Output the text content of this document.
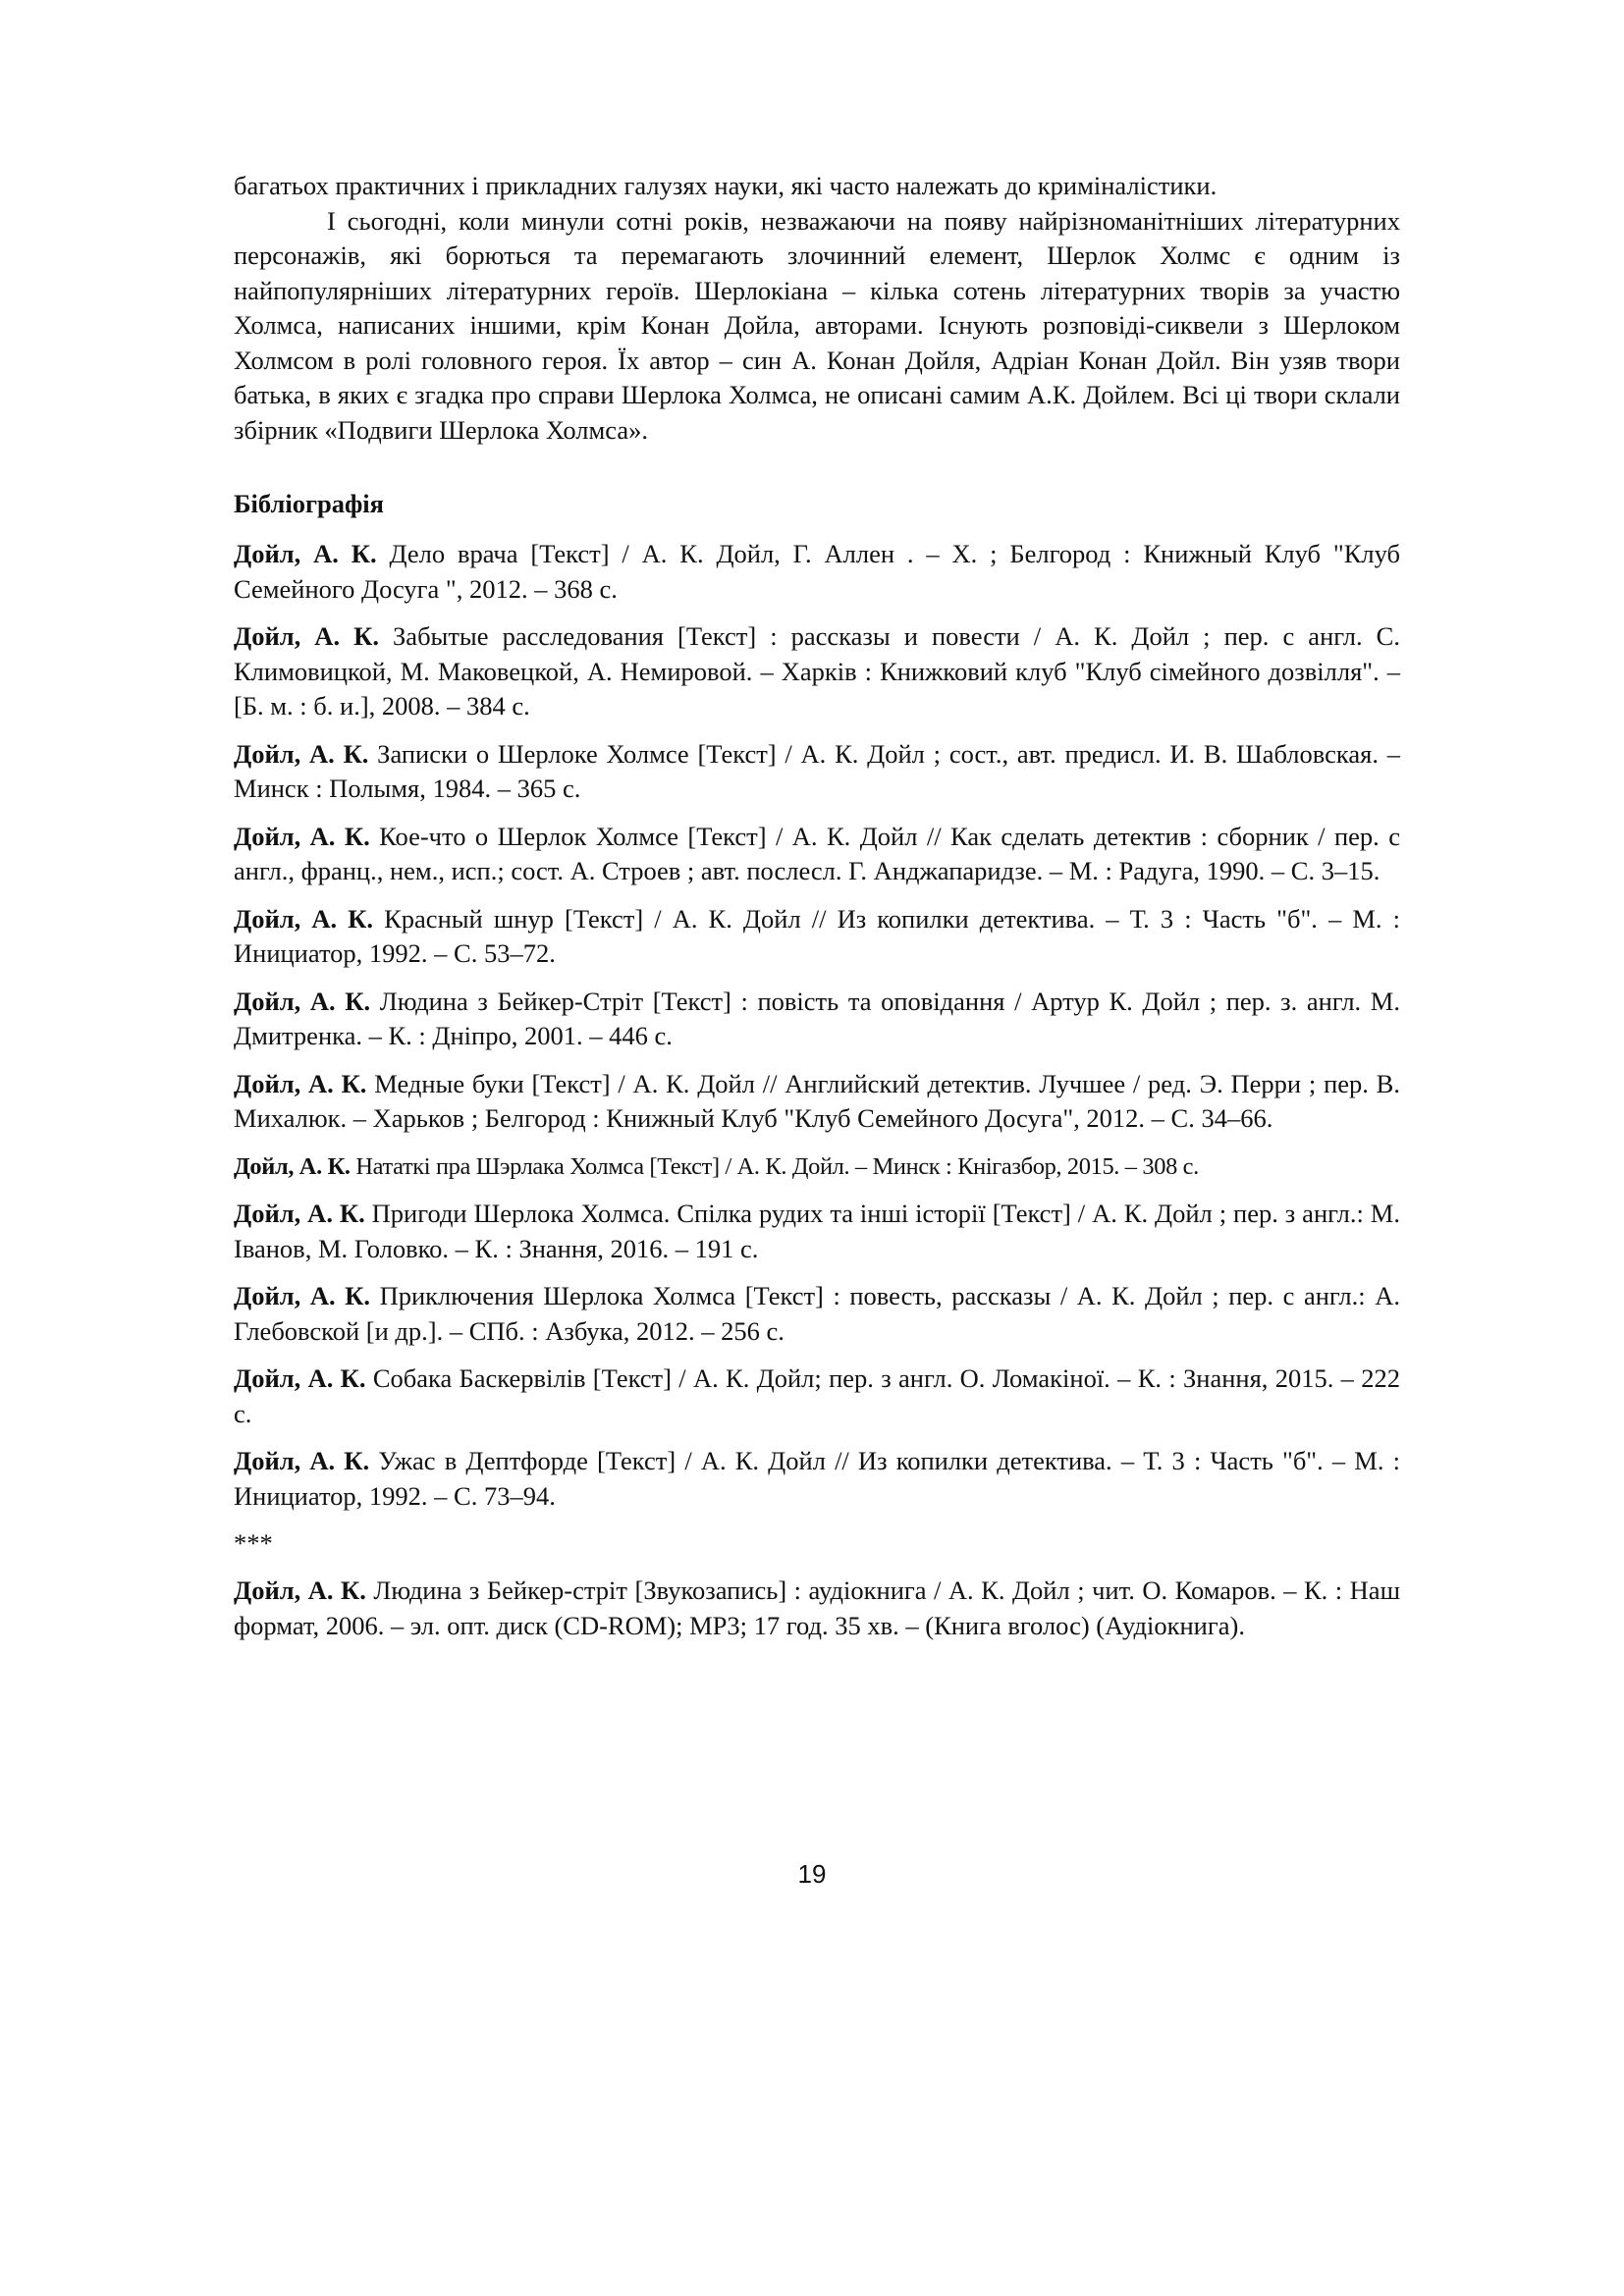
багатьох практичних і прикладних галузях науки, які часто належать до криміналістики.

І сьогодні, коли минули сотні років, незважаючи на появу найрізноманітніших літературних персонажів, які борються та перемагають злочинний елемент, Шерлок Холмс є одним із найпопулярніших літературних героїв. Шерлокіана – кілька сотень літературних творів за участю Холмса, написаних іншими, крім Конан Дойла, авторами. Існують розповіді-сиквели з Шерлоком Холмсом в ролі головного героя. Їх автор – син А. Конан Дойля, Адріан Конан Дойл. Він узяв твори батька, в яких є згадка про справи Шерлока Холмса, не описані самим А.К. Дойлем. Всі ці твори склали збірник «Подвиги Шерлока Холмса».

Бібліографія

Дойл, А. К. Дело врача [Текст] / А. К. Дойл, Г. Аллен . – Х. ; Белгород : Книжный Клуб "Клуб Семейного Досуга ", 2012. – 368 с.

Дойл, А. К. Забытые расследования [Текст] : рассказы и повести / А. К. Дойл ; пер. с англ. С. Климовицкой, М. Маковецкой, А. Немировой. – Харків : Книжковий клуб "Клуб сімейного дозвілля". – [Б. м. : б. и.], 2008. – 384 с.

Дойл, А. К. Записки о Шерлоке Холмсе [Текст] / А. К. Дойл ; сост., авт. предисл. И. В. Шабловская. – Минск : Полымя, 1984. – 365 с.

Дойл, А. К. Кое-что о Шерлок Холмсе [Текст] / А. К. Дойл // Как сделать детектив : сборник / пер. с англ., франц., нем., исп.; сост. А. Строев ; авт. послесл. Г. Анджапаридзе. – М. : Радуга, 1990. – С. 3–15.

Дойл, А. К. Красный шнур [Текст] / А. К. Дойл // Из копилки детектива. – Т. 3 : Часть "б". – М. : Инициатор, 1992. – С. 53–72.

Дойл, А. К. Людина з Бейкер-Стріт [Текст] : повість та оповідання / Артур К. Дойл ; пер. з. англ. М. Дмитренка. – К. : Дніпро, 2001. – 446 с.

Дойл, А. К. Медные буки [Текст] / А. К. Дойл // Английский детектив. Лучшее / ред. Э. Перри ; пер. В. Михалюк. – Харьков ; Белгород : Книжный Клуб "Клуб Семейного Досуга", 2012. – С. 34–66.

Дойл, А. К. Нататкі пра Шэрлака Холмса [Текст] / А. К. Дойл. – Минск : Кнігазбор, 2015. – 308 с.

Дойл, А. К. Пригоди Шерлока Холмса. Спілка рудих та інші історії [Текст] / А. К. Дойл ; пер. з англ.: М. Іванов, М. Головко. – К. : Знання, 2016. – 191 с.

Дойл, А. К. Приключения Шерлока Холмса [Текст] : повесть, рассказы / А. К. Дойл ; пер. с англ.: А. Глебовской [и др.]. – СПб. : Азбука, 2012. – 256 с.

Дойл, А. К. Собака Баскервілів [Текст] / А. К. Дойл; пер. з англ. О. Ломакіної. – К. : Знання, 2015. – 222 с.

Дойл, А. К. Ужас в Дептфорде [Текст] / А. К. Дойл // Из копилки детектива. – Т. 3 : Часть "б". – М. : Инициатор, 1992. – С. 73–94.

***

Дойл, А. К. Людина з Бейкер-стріт [Звукозапись] : аудіокнига / А. К. Дойл ; чит. О. Комаров. – К. : Наш формат, 2006. – эл. опт. диск (CD-ROM); MP3; 17 год. 35 хв. – (Книга вголос) (Аудіокнига).

19
